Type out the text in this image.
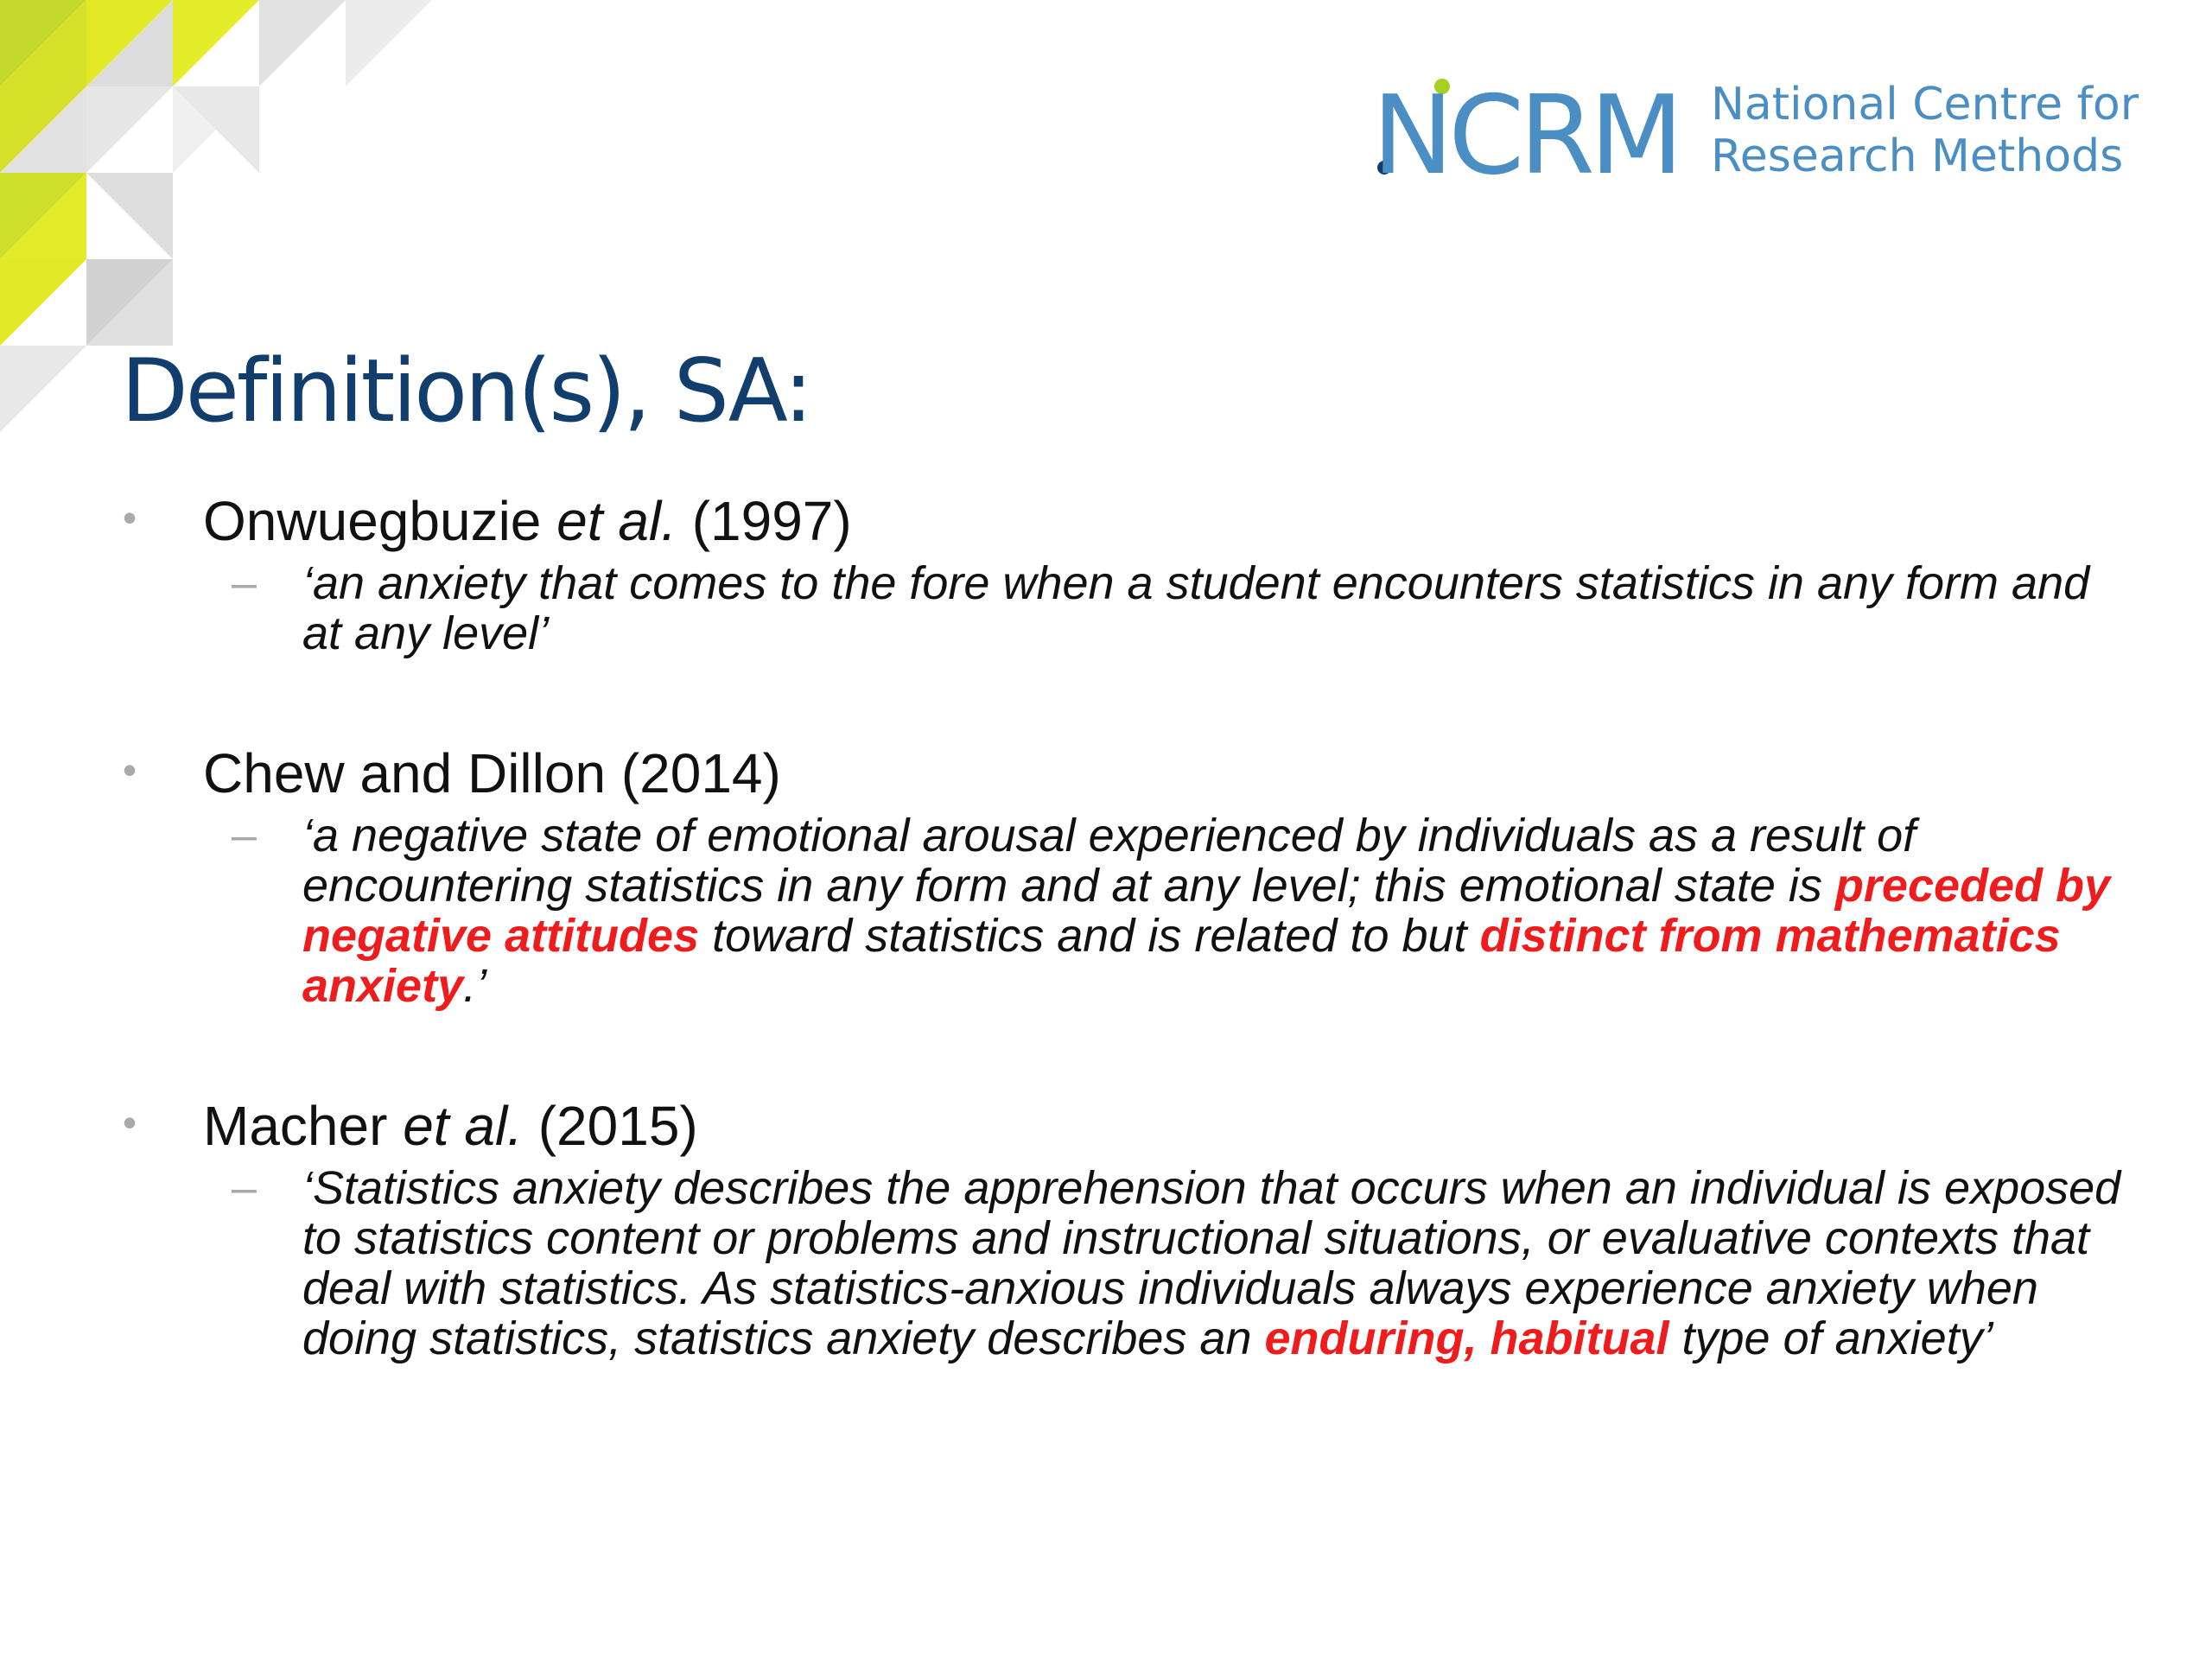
NCRM National Centre for
Research Methods
Definition(s), SA:
• Onwuegbuzie et al. (1997)
– ‘an anxiety that comes to the fore when a student encounters statistics in any form and at any level’
• Chew and Dillon (2014)
– ‘a negative state of emotional arousal experienced by individuals as a result of encountering statistics in any form and at any level; this emotional state is preceded by negative attitudes toward statistics and is related to but distinct from mathematics anxiety.’
• Macher et al. (2015)
– ‘Statistics anxiety describes the apprehension that occurs when an individual is exposed to statistics content or problems and instructional situations, or evaluative contexts that deal with statistics. As statistics-anxious individuals always experience anxiety when doing statistics, statistics anxiety describes an enduring, habitual type of anxiety’
